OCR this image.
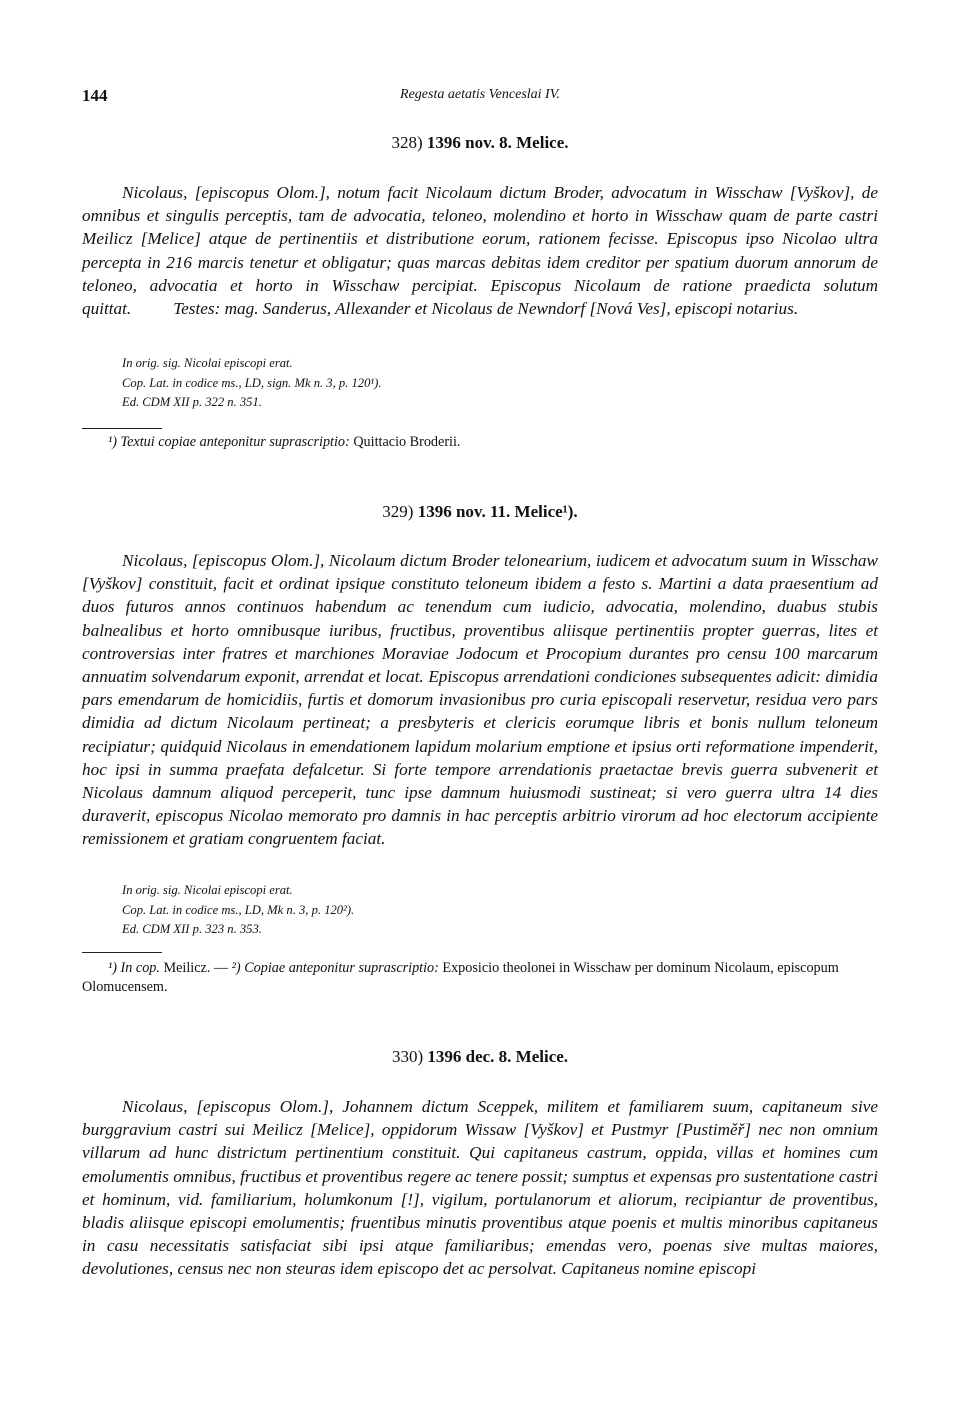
144	Regesta aetatis Venceslai IV.
328) 1396 nov. 8. Melice.

Nicolaus, [episcopus Olom.], notum facit Nicolaum dictum Broder, advocatum in Wisschaw [Vyškov], de omnibus et singulis perceptis, tam de advocatia, teloneo, molendino et horto in Wisschaw quam de parte castri Meilicz [Melice] atque de pertinentiis et distributione eorum, rationem fecisse. Episcopus ipso Nicolao ultra percepta in 216 marcis tenetur et obligatur; quas marcas debitas idem creditor per spatium duorum annorum de teloneo, advocatia et horto in Wisschaw percipiat. Episcopus Nicolaum de ratione praedicta solutum quittat. Testes: mag. Sanderus, Allexander et Nicolaus de Newndorf [Nová Ves], episcopi notarius.

In orig. sig. Nicolai episcopi erat.
Cop. Lat. in codice ms., LD, sign. Mk n. 3, p. 120¹).
Ed. CDM XII p. 322 n. 351.

¹) Textui copiae anteponitur suprascriptio: Quittacio Broderii.

329) 1396 nov. 11. Melice¹).

Nicolaus, [episcopus Olom.], Nicolaum dictum Broder telonearium, iudicem et advocatum suum in Wisschaw [Vyškov] constituit, facit et ordinat ipsique constituto teloneum ibidem a festo s. Martini a data praesentium ad duos futuros annos continuos habendum ac tenendum cum iudicio, advocatia, molendino, duabus stubis balnealibus et horto omnibusque iuribus, fructibus, proventibus aliisque pertinentiis propter guerras, lites et controversias inter fratres et marchiones Moraviae Jodocum et Procopium durantes pro censu 100 marcarum annuatim solvendarum exponit, arrendat et locat. Episcopus arrendationi condiciones subsequentes adicit: dimidia pars emendarum de homicidiis, furtis et domorum invasionibus pro curia episcopali reservetur, residua vero pars dimidia ad dictum Nicolaum pertineat; a presbyteris et clericis eorumque libris et bonis nullum teloneum recipiatur; quidquid Nicolaus in emendationem lapidum molarium emptione et ipsius orti reformatione impenderit, hoc ipsi in summa praefata defalcetur. Si forte tempore arrendationis praetactae brevis guerra subvenerit et Nicolaus damnum aliquod perceperit, tunc ipse damnum huiusmodi sustineat; si vero guerra ultra 14 dies duraverit, episcopus Nicolao memorato pro damnis in hac perceptis arbitrio virorum ad hoc electorum accipiente remissionem et gratiam congruentem faciat.

In orig. sig. Nicolai episcopi erat.
Cop. Lat. in codice ms., LD, Mk n. 3, p. 120²).
Ed. CDM XII p. 323 n. 353.

¹) In cop. Meilicz. — ²) Copiae anteponitur suprascriptio: Exposicio theolonei in Wisschaw per dominum Nicolaum, episcopum Olomucensem.

330) 1396 dec. 8. Melice.

Nicolaus, [episcopus Olom.], Johannem dictum Sceppek, militem et familiarem suum, capitaneum sive burggravium castri sui Meilicz [Melice], oppidorum Wissaw [Vyškov] et Pustmyr [Pustiměř] nec non omnium villarum ad hunc districtum pertinentium constituit. Qui capitaneus castrum, oppida, villas et homines cum emolumentis omnibus, fructibus et proventibus regere ac tenere possit; sumptus et expensas pro sustentatione castri et hominum, vid. familiarium, holumkonum [!], vigilum, portulanorum et aliorum, recipiantur de proventibus, bladis aliisque episcopi emolumentis; fruentibus minutis proventibus atque poenis et multis minoribus capitaneus in casu necessitatis satisfaciat sibi ipsi atque familiaribus; emendas vero, poenas sive multas maiores, devolutiones, census nec non steuras idem episcopo det ac persolvat. Capitaneus nomine episcopi
